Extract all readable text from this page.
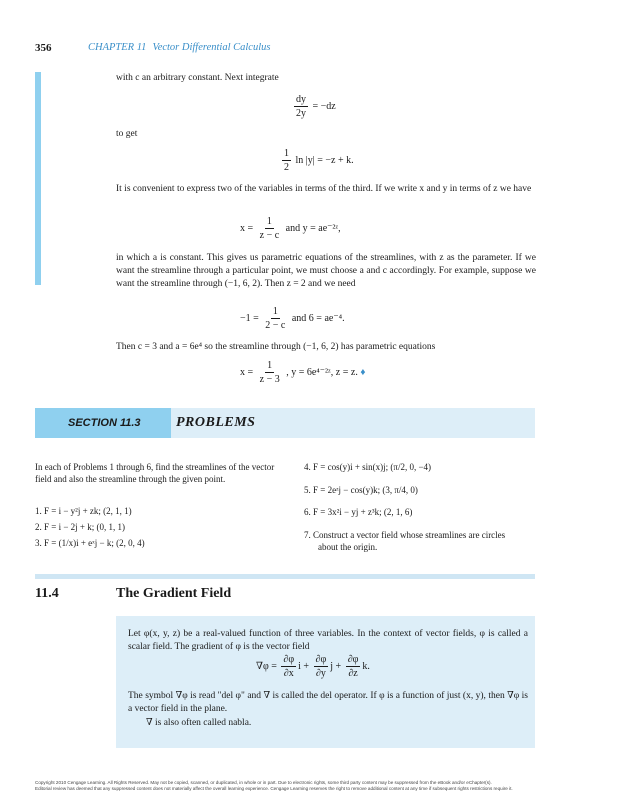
356	CHAPTER 11 Vector Differential Calculus
with c an arbitrary constant. Next integrate
$\frac{dy}{2y} = -dz$
to get
$\frac{1}{2}$ ln |y| = −z + k.
It is convenient to express two of the variables in terms of the third. If we write x and y in terms of z we have
$x = \frac{1}{z - c}$ and y = ae⁻²ᶻ,
in which a is constant. This gives us parametric equations of the streamlines, with z as the parameter. If we want the streamline through a particular point, we must choose a and c accordingly. For example, suppose we want the streamline through (−1, 6, 2). Then z = 2 and we need
$-1 = \frac{1}{2 - c}$ and 6 = ae⁻⁴.
Then c = 3 and a = 6e⁴ so the streamline through (−1, 6, 2) has parametric equations
$x = \frac{1}{z - 3}$ , y = 6e⁴⁻²ᶻ, z = z. ♦
SECTION 11.3	PROBLEMS
In each of Problems 1 through 6, find the streamlines of the vector field and also the streamline through the given point.
1. F = i − y²j + zk; (2, 1, 1)
2. F = i − 2j + k; (0, 1, 1)
3. F = (1/x)i + eˣj − k; (2, 0, 4)
4. F = cos(y)i + sin(x)j; (π/2, 0, −4)
5. F = 2eᶻj − cos(y)k; (3, π/4, 0)
6. F = 3x²i − yj + z³k; (2, 1, 6)
7. Construct a vector field whose streamlines are circles about the origin.
11.4	The Gradient Field
Let φ(x, y, z) be a real-valued function of three variables. In the context of vector fields, φ is called a scalar field. The gradient of φ is the vector field
$\nabla\varphi = \frac{\partial\varphi}{\partial x}$ $i + \frac{\partial\varphi}{\partial y}$ $j + \frac{\partial\varphi}{\partial z} k$.
The symbol ∇φ is read "del φ" and ∇ is called the del operator. If φ is a function of just (x, y), then ∇φ is a vector field in the plane.
∇ is also often called nabla.
Copyright 2010 Cengage Learning. All Rights Reserved. May not be copied, scanned, or duplicated, in whole or in part. Due to electronic rights, some third party content may be suppressed from the eBook and/or eChapter(s).
Editorial review has deemed that any suppressed content does not materially affect the overall learning experience. Cengage Learning reserves the right to remove additional content at any time if subsequent rights restrictions require it.
